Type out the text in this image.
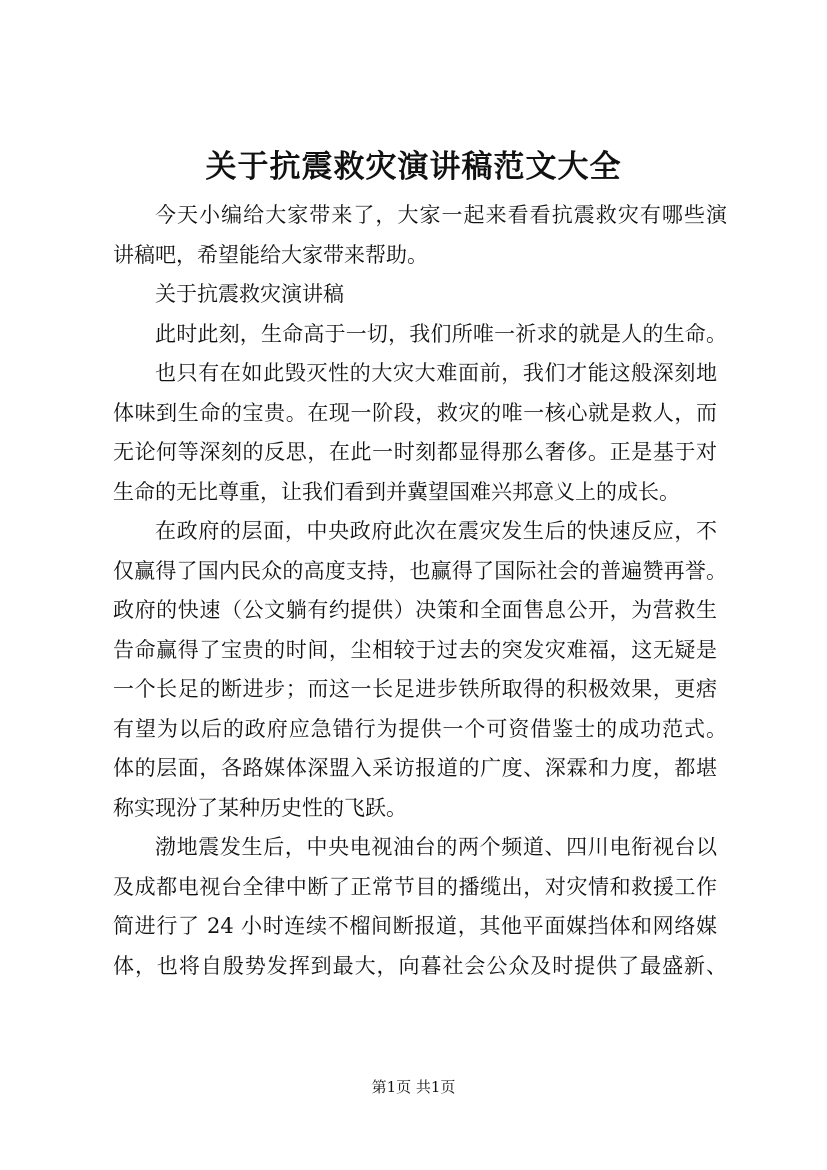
关于抗震救灾演讲稿范文大全
今天小编给大家带来了，大家一起来看看抗震救灾有哪些演
讲稿吧，希望能给大家带来帮助。
关于抗震救灾演讲稿
此时此刻，生命高于一切，我们所唯一祈求的就是人的生命。
也只有在如此毁灭性的大灾大难面前，我们才能这般深刻地
体味到生命的宝贵。在现一阶段，救灾的唯一核心就是救人，而
无论何等深刻的反思，在此一时刻都显得那么奢侈。正是基于对
生命的无比尊重，让我们看到并冀望国难兴邦意义上的成长。
在政府的层面，中央政府此次在震灾发生后的快速反应，不
仅赢得了国内民众的高度支持，也赢得了国际社会的普遍赞再誉。
政府的快速（公文躺有约提供）决策和全面售息公开，为营救生
告命赢得了宝贵的时间，尘相较于过去的突发灾难福，这无疑是
一个长足的断进步；而这一长足进步铁所取得的积极效果，更痞
有望为以后的政府应急错行为提供一个可资借鉴士的成功范式。
体的层面，各路媒体深盟入采访报道的广度、深霖和力度，都堪
称实现汾了某种历史性的飞跃。
渤地震发生后，中央电视油台的两个频道、四川电衔视台以
及成都电视台全律中断了正常节目的播缆出，对灾情和救援工作
简进行了 24 小时连续不榴间断报道，其他平面媒挡体和网络媒
体，也将自殷势发挥到最大，向暮社会公众及时提供了最盛新、
第1页 共1页
